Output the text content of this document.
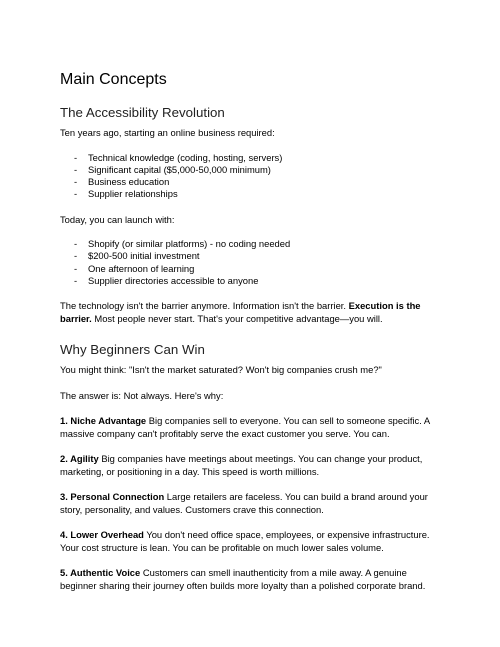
Main Concepts
The Accessibility Revolution

Ten years ago, starting an online business required:

- Technical knowledge (coding, hosting, servers)
- Significant capital ($5,000-50,000 minimum)
- Business education
- Supplier relationships

Today, you can launch with:

- Shopify (or similar platforms) - no coding needed
- $200-500 initial investment
- One afternoon of learning
- Supplier directories accessible to anyone

The technology isn't the barrier anymore. Information isn't the barrier. Execution is the barrier. Most people never start. That's your competitive advantage—you will.

Why Beginners Can Win

You might think: "Isn't the market saturated? Won't big companies crush me?"

The answer is: Not always. Here's why:

1. Niche Advantage Big companies sell to everyone. You can sell to someone specific. A massive company can't profitably serve the exact customer you serve. You can.

2. Agility Big companies have meetings about meetings. You can change your product, marketing, or positioning in a day. This speed is worth millions.

3. Personal Connection Large retailers are faceless. You can build a brand around your story, personality, and values. Customers crave this connection.

4. Lower Overhead You don't need office space, employees, or expensive infrastructure. Your cost structure is lean. You can be profitable on much lower sales volume.

5. Authentic Voice Customers can smell inauthenticity from a mile away. A genuine beginner sharing their journey often builds more loyalty than a polished corporate brand.
